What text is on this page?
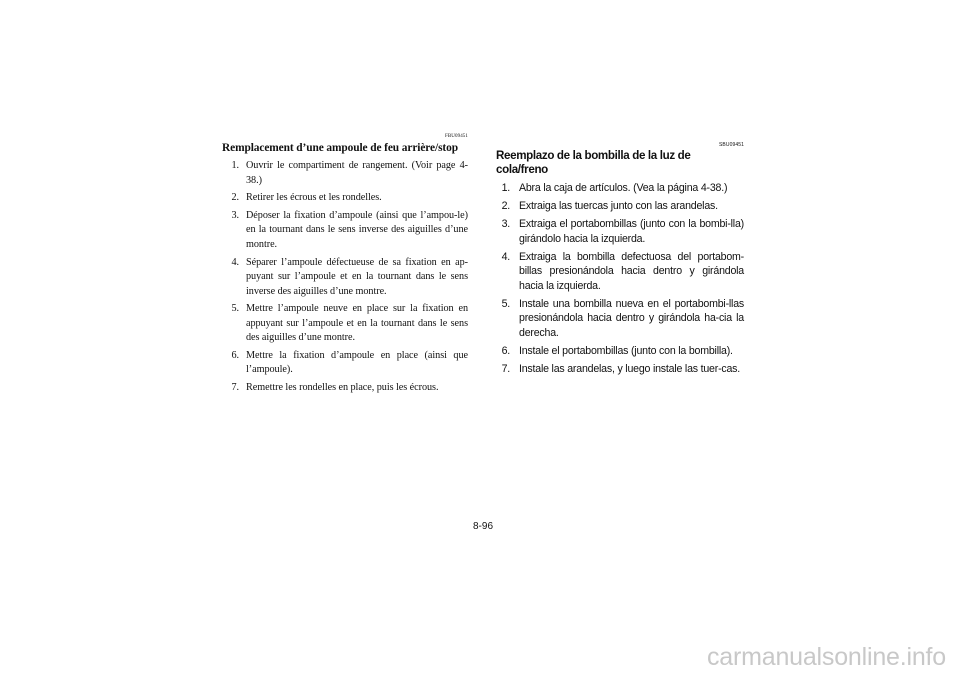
FBU09451
Remplacement d’une ampoule de feu arrière/stop
1. Ouvrir le compartiment de rangement. (Voir page 4-38.)
2. Retirer les écrous et les rondelles.
3. Déposer la fixation d’ampoule (ainsi que l’ampou-le) en la tournant dans le sens inverse des aiguilles d’une montre.
4. Séparer l’ampoule défectueuse de sa fixation en ap-puyant sur l’ampoule et en la tournant dans le sens inverse des aiguilles d’une montre.
5. Mettre l’ampoule neuve en place sur la fixation en appuyant sur l’ampoule et en la tournant dans le sens des aiguilles d’une montre.
6. Mettre la fixation d’ampoule en place (ainsi que l’ampoule).
7. Remettre les rondelles en place, puis les écrous.
SBU09451
Reemplazo de la bombilla de la luz de cola/freno
1. Abra la caja de artículos. (Vea la página 4-38.)
2. Extraiga las tuercas junto con las arandelas.
3. Extraiga el portabombillas (junto con la bombi-lla) girándolo hacia la izquierda.
4. Extraiga la bombilla defectuosa del portabom-billas presionándola hacia dentro y girándola hacia la izquierda.
5. Instale una bombilla nueva en el portabombi-llas presionándola hacia dentro y girándola ha-cia la derecha.
6. Instale el portabombillas (junto con la bombilla).
7. Instale las arandelas, y luego instale las tuer-cas.
8-96
carmanualsonline.info
